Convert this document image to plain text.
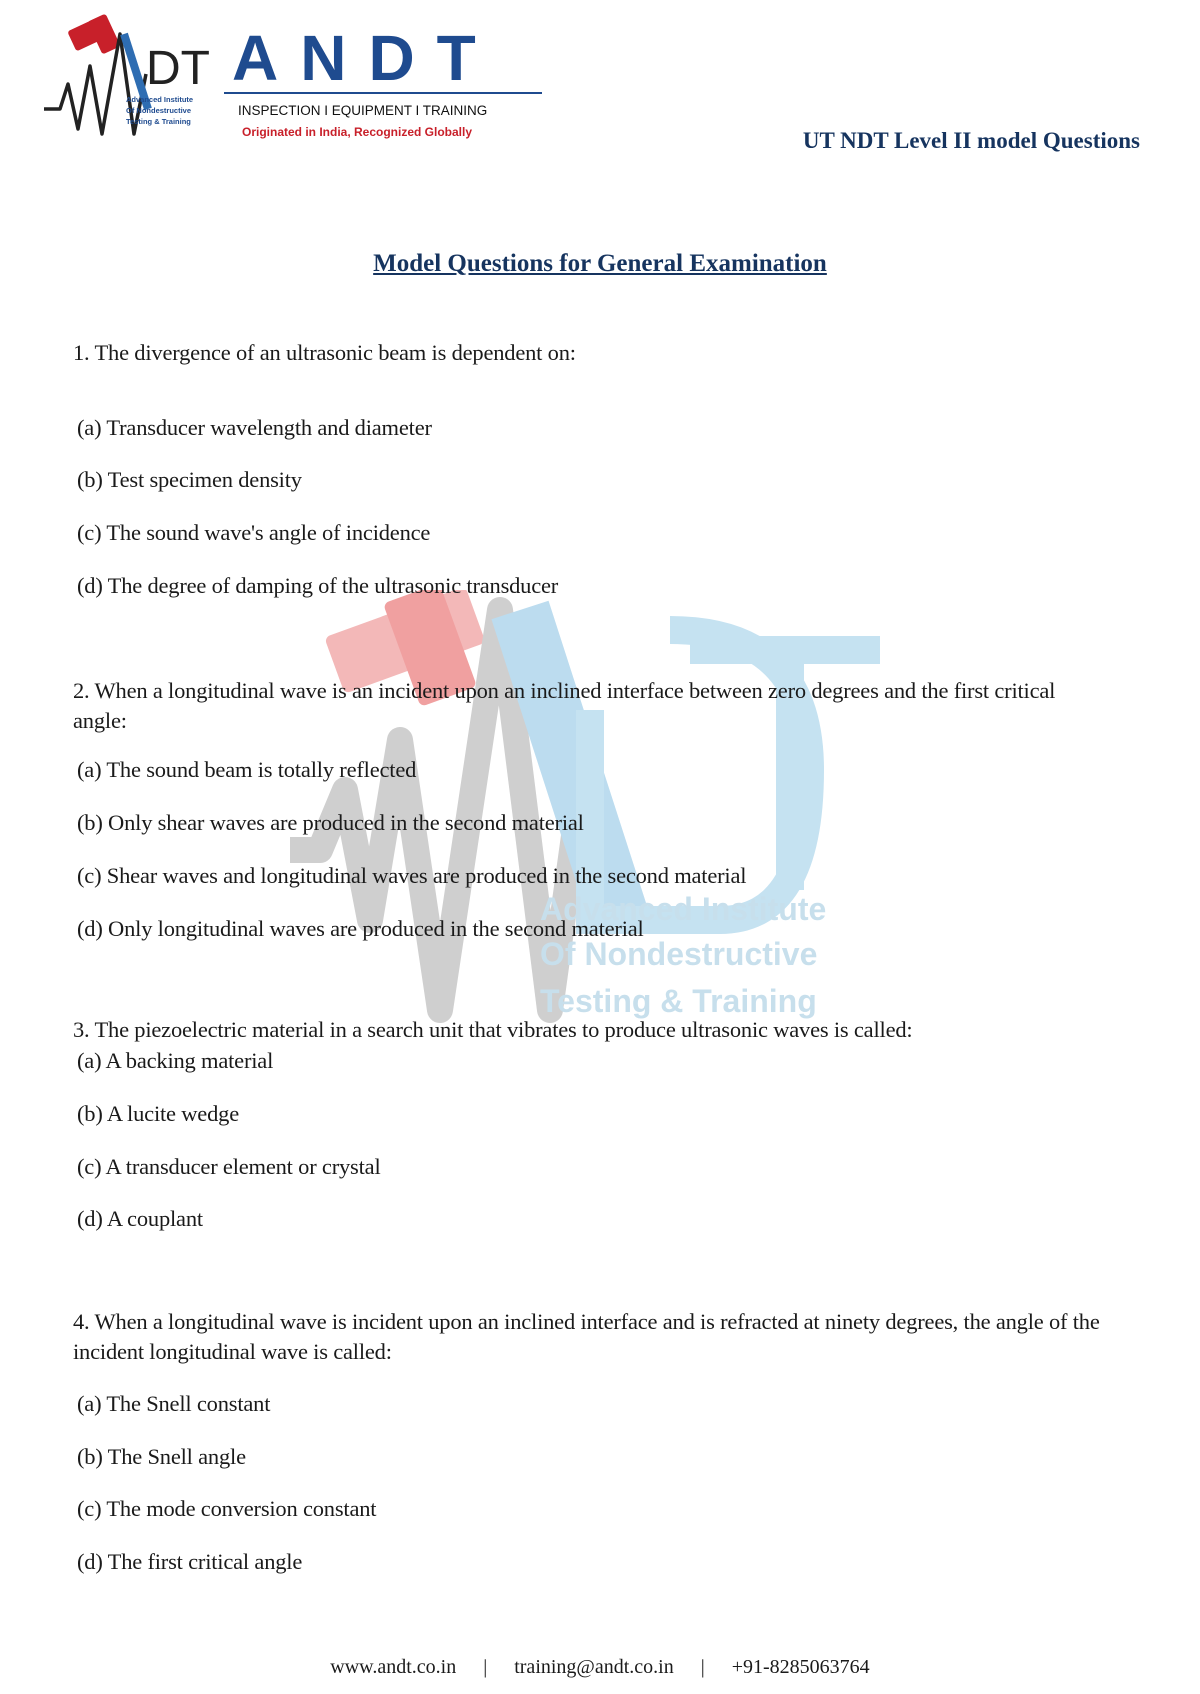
Advanced Institute
Of Nondestructive
Testing & Training
DT
Advanced Institute
Of Nondestructive
Testing & Training
ANDT
INSPECTION I EQUIPMENT I TRAINING
Originated in India, Recognized Globally	UT NDT Level II model Questions
Model Questions for General Examination
1. The divergence of an ultrasonic beam is dependent on:
(a) Transducer wavelength and diameter
(b) Test specimen density
(c) The sound wave's angle of incidence
(d) The degree of damping of the ultrasonic transducer
2. When a longitudinal wave is an incident upon an inclined interface between zero degrees and the first critical angle:
(a) The sound beam is totally reflected
(b) Only shear waves are produced in the second material
(c) Shear waves and longitudinal waves are produced in the second material
(d) Only longitudinal waves are produced in the second material
3. The piezoelectric material in a search unit that vibrates to produce ultrasonic waves is called:
(a) A backing material
(b) A lucite wedge
(c) A transducer element or crystal
(d) A couplant
4. When a longitudinal wave is incident upon an inclined interface and is refracted at ninety degrees, the angle of the incident longitudinal wave is called:
(a) The Snell constant
(b) The Snell angle
(c) The mode conversion constant
(d) The first critical angle
www.andt.co.in | training@andt.co.in | +91-8285063764
